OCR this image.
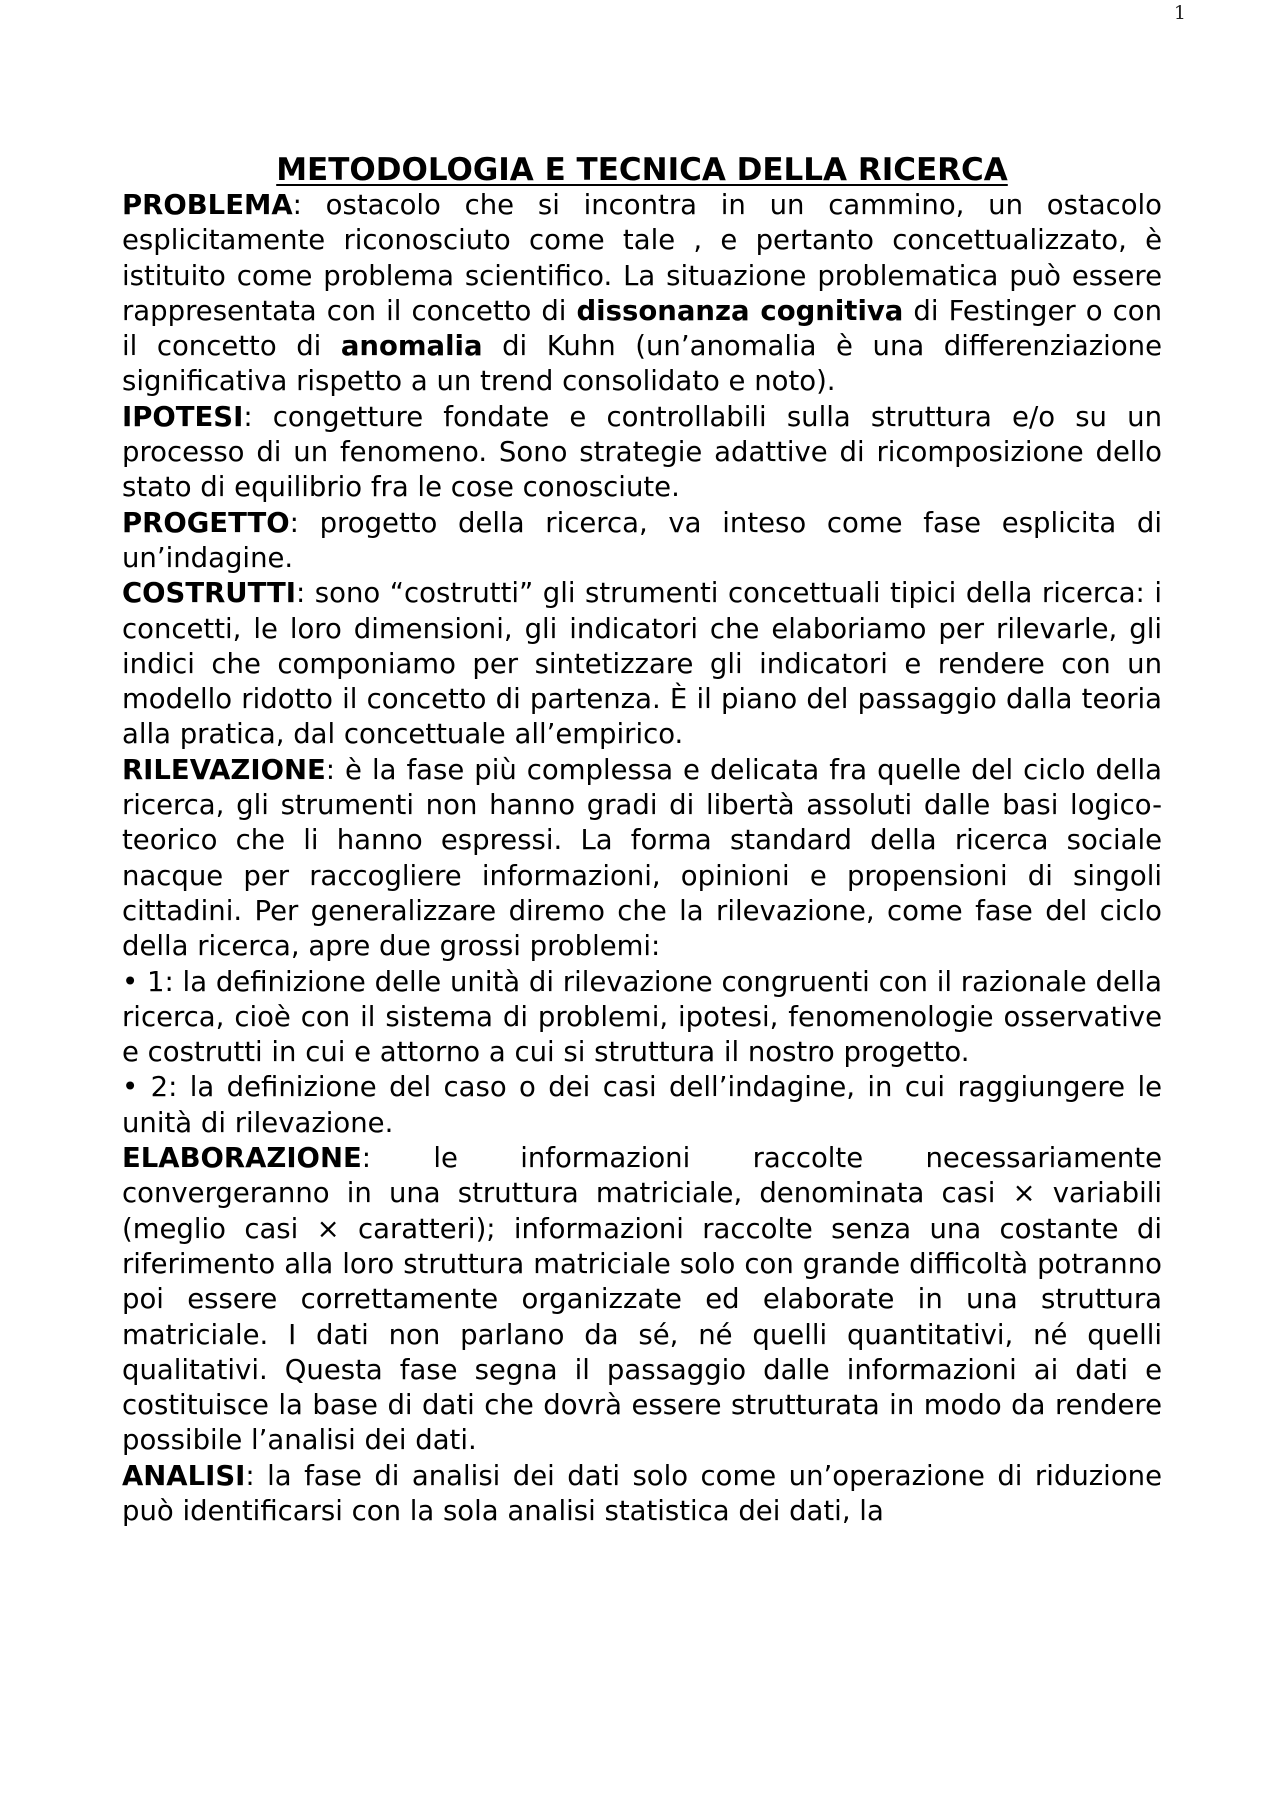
1
METODOLOGIA E TECNICA DELLA RICERCA

PROBLEMA: ostacolo che si incontra in un cammino, un ostacolo esplicitamente riconosciuto come tale , e pertanto concettualizzato, è istituito come problema scientifico. La situazione problematica può essere rappresentata con il concetto di dissonanza cognitiva di Festinger o con il concetto di anomalia di Kuhn (un’anomalia è una differenziazione significativa rispetto a un trend consolidato e noto).

IPOTESI: congetture fondate e controllabili sulla struttura e/o su un processo di un fenomeno. Sono strategie adattive di ricomposizione dello stato di equilibrio fra le cose conosciute.

PROGETTO: progetto della ricerca, va inteso come fase esplicita di un’indagine.

COSTRUTTI: sono “costrutti” gli strumenti concettuali tipici della ricerca: i concetti, le loro dimensioni, gli indicatori che elaboriamo per rilevarle, gli indici che componiamo per sintetizzare gli indicatori e rendere con un modello ridotto il concetto di partenza. È il piano del passaggio dalla teoria alla pratica, dal concettuale all’empirico.

RILEVAZIONE: è la fase più complessa e delicata fra quelle del ciclo della ricerca, gli strumenti non hanno gradi di libertà assoluti dalle basi logico-teorico che li hanno espressi. La forma standard della ricerca sociale nacque per raccogliere informazioni, opinioni e propensioni di singoli cittadini. Per generalizzare diremo che la rilevazione, come fase del ciclo della ricerca, apre due grossi problemi:

• 1: la definizione delle unità di rilevazione congruenti con il razionale della ricerca, cioè con il sistema di problemi, ipotesi, fenomenologie osservative e costrutti in cui e attorno a cui si struttura il nostro progetto.

• 2: la definizione del caso o dei casi dell’indagine, in cui raggiungere le unità di rilevazione.

ELABORAZIONE: le informazioni raccolte necessariamente convergeranno in una struttura matriciale, denominata casi × variabili (meglio casi × caratteri); informazioni raccolte senza una costante di riferimento alla loro struttura matriciale solo con grande difficoltà potranno poi essere correttamente organizzate ed elaborate in una struttura matriciale. I dati non parlano da sé, né quelli quantitativi, né quelli qualitativi. Questa fase segna il passaggio dalle informazioni ai dati e costituisce la base di dati che dovrà essere strutturata in modo da rendere possibile l’analisi dei dati.

ANALISI: la fase di analisi dei dati solo come un’operazione di riduzione può identificarsi con la sola analisi statistica dei dati, la
